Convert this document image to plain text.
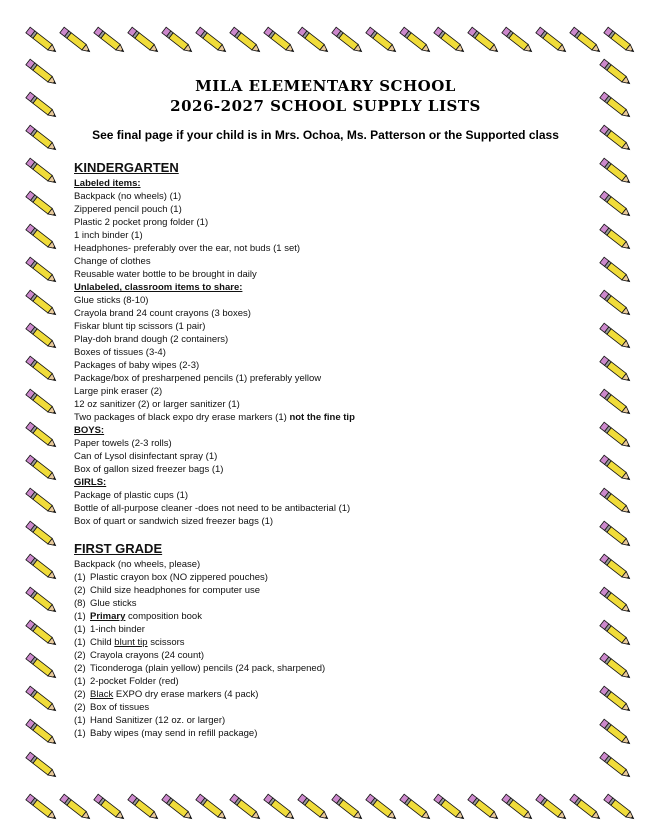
MILA ELEMENTARY SCHOOL
2026-2027 SCHOOL SUPPLY LISTS
See final page if your child is in Mrs. Ochoa, Ms. Patterson or the Supported class
KINDERGARTEN
Labeled items:
Backpack (no wheels) (1)
Zippered pencil pouch (1)
Plastic 2 pocket prong folder (1)
1 inch binder (1)
Headphones- preferably over the ear, not buds (1 set)
Change of clothes
Reusable water bottle to be brought in daily
Unlabeled, classroom items to share:
Glue sticks (8-10)
Crayola brand 24 count crayons (3 boxes)
Fiskar blunt tip scissors (1 pair)
Play-doh brand dough (2 containers)
Boxes of tissues (3-4)
Packages of baby wipes (2-3)
Package/box of presharpened pencils (1) preferably yellow
Large pink eraser (2)
12 oz sanitizer (2) or larger sanitizer (1)
Two packages of black expo dry erase markers (1) not the fine tip
BOYS:
Paper towels (2-3 rolls)
Can of Lysol disinfectant spray (1)
Box of gallon sized freezer bags (1)
GIRLS:
Package of plastic cups (1)
Bottle of all-purpose cleaner -does not need to be antibacterial (1)
Box of quart or sandwich sized freezer bags (1)
FIRST GRADE
Backpack (no wheels, please)
(1) Plastic crayon box (NO zippered pouches)
(2) Child size headphones for computer use
(8) Glue sticks
(1) Primary composition book
(1) 1-inch binder
(1) Child blunt tip scissors
(2) Crayola crayons (24 count)
(2) Ticonderoga (plain yellow) pencils (24 pack, sharpened)
(1) 2-pocket Folder (red)
(2) Black EXPO dry erase markers (4 pack)
(2) Box of tissues
(1) Hand Sanitizer (12 oz. or larger)
(1) Baby wipes (may send in refill package)
